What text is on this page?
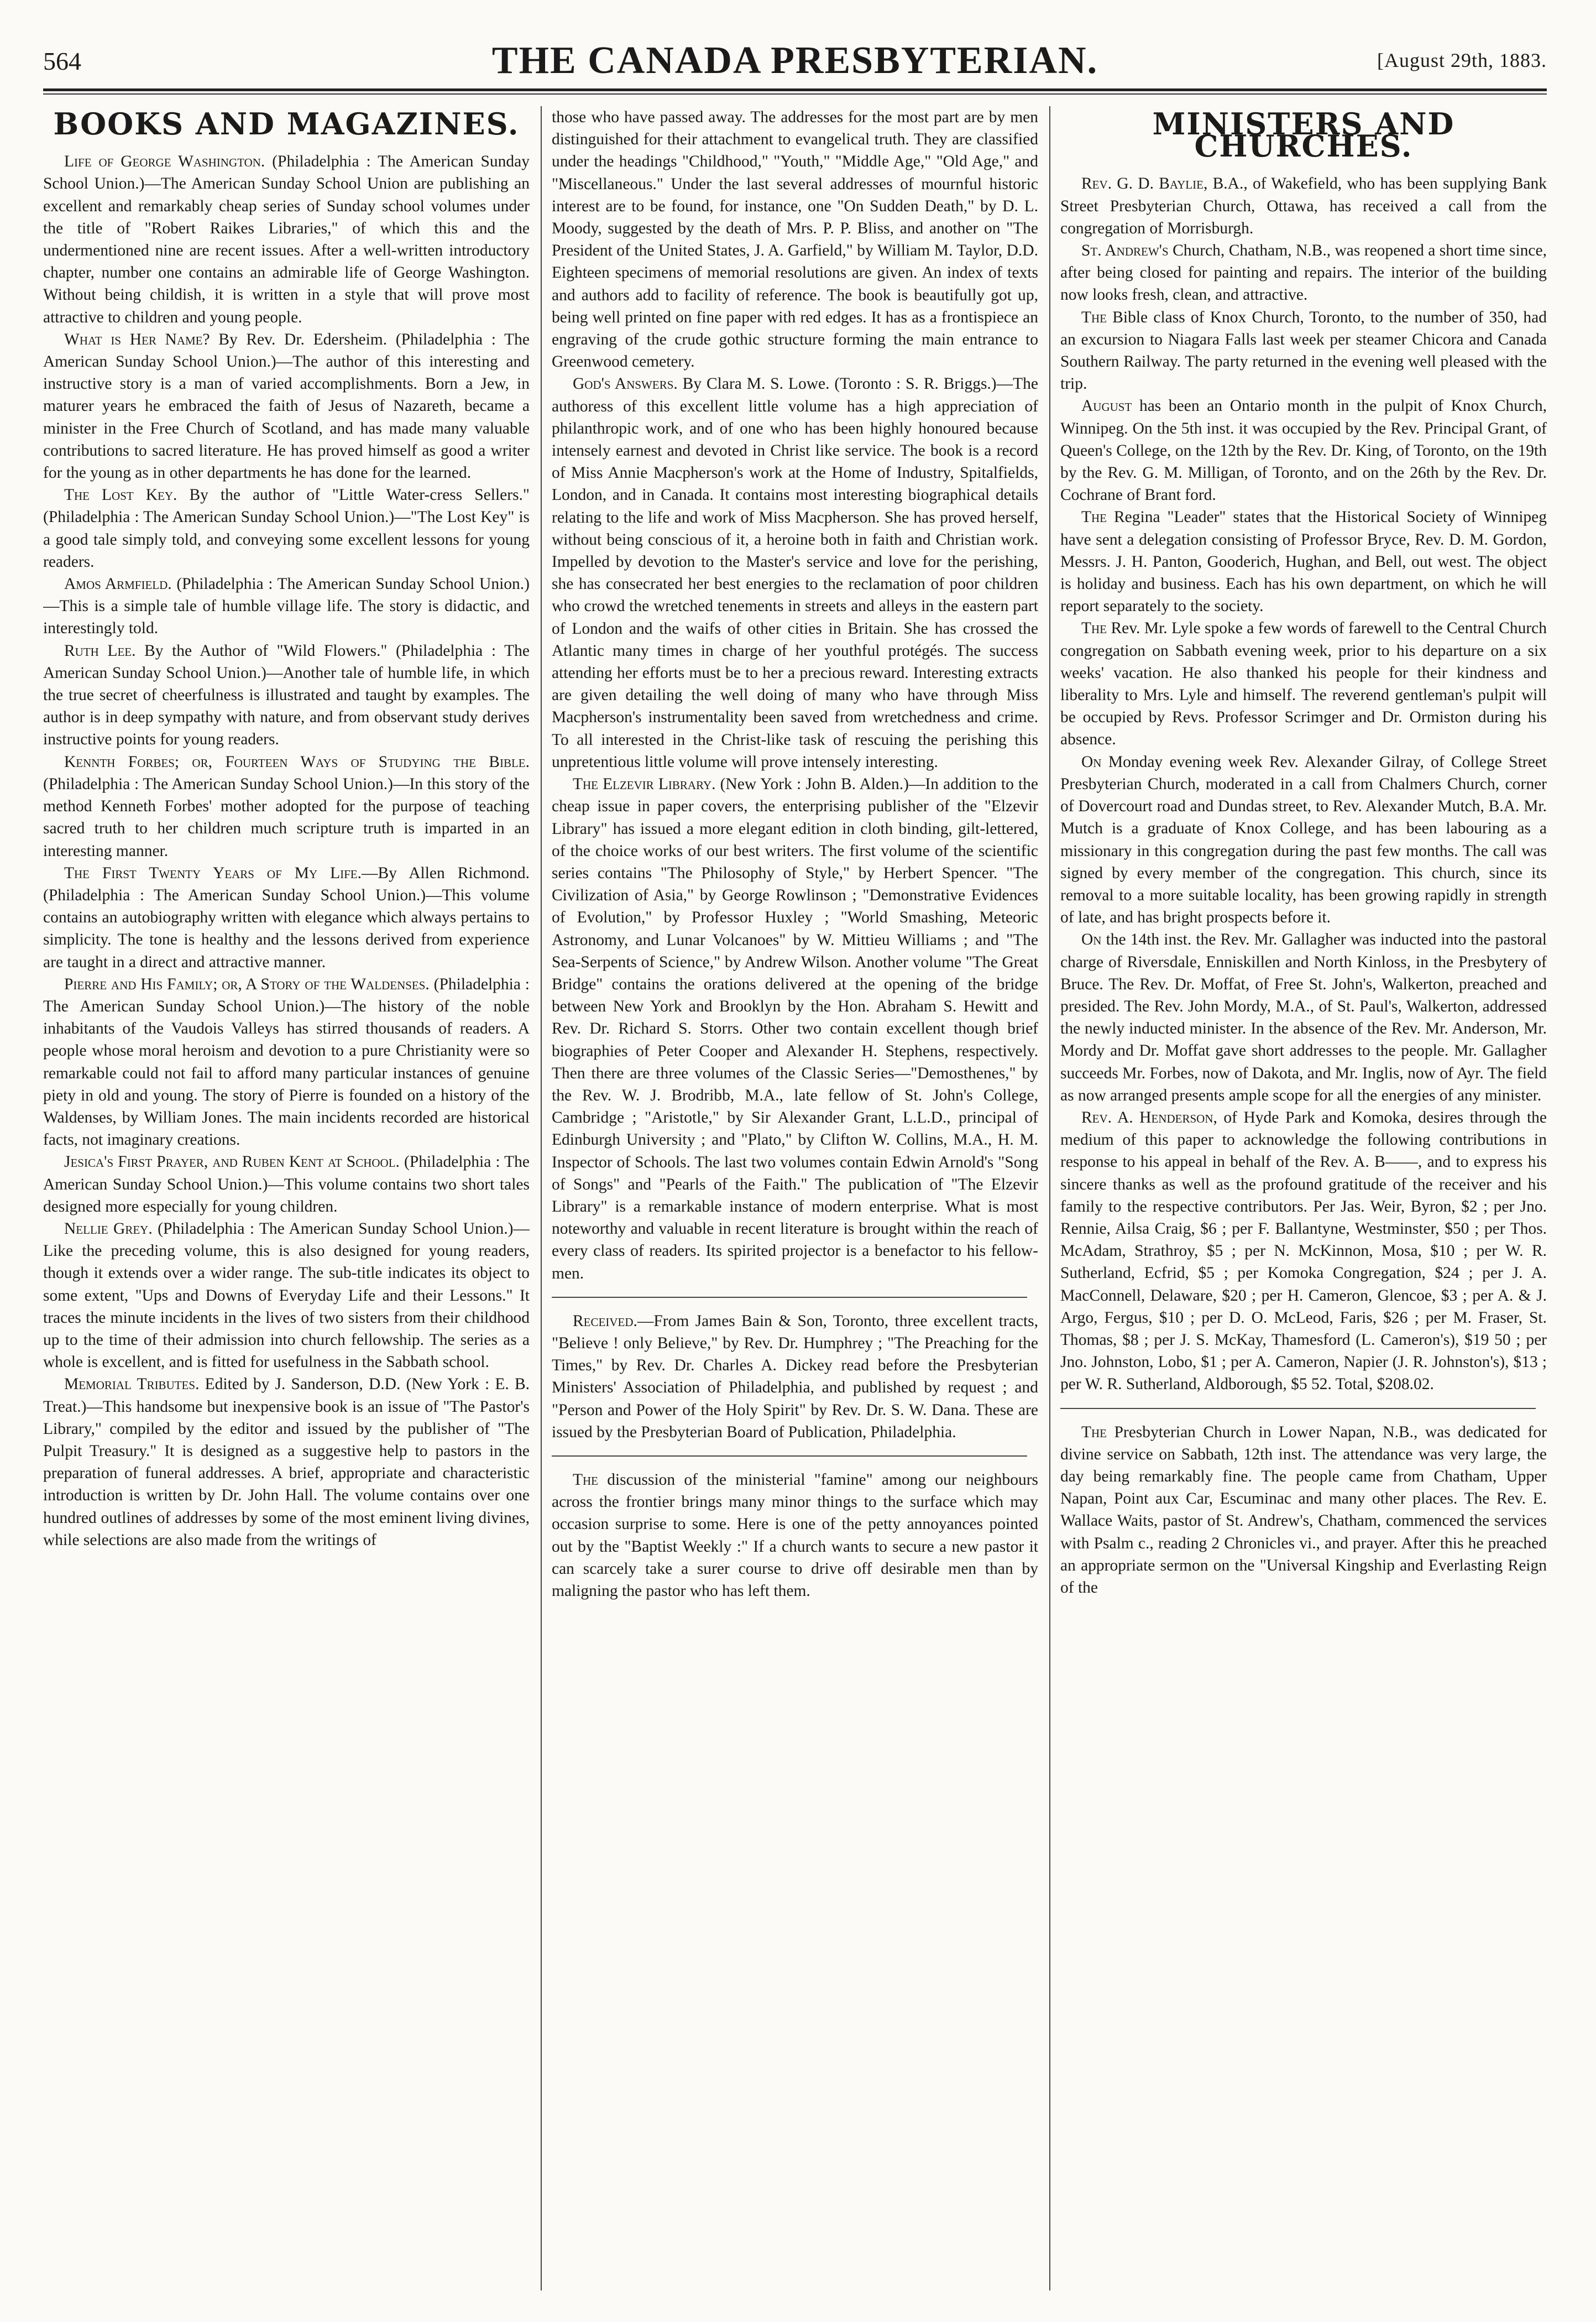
564	THE CANADA PRESBYTERIAN.	[August 29th, 1883.
BOOKS AND MAGAZINES.

Life of George Washington. (Philadelphia : The American Sunday School Union.)—The American Sunday School Union are publishing an excellent and remarkably cheap series of Sunday school volumes under the title of "Robert Raikes Libraries," of which this and the undermentioned nine are recent issues. After a well-written introductory chapter, number one contains an admirable life of George Washington. Without being childish, it is written in a style that will prove most attractive to children and young people.

What is Her Name? By Rev. Dr. Edersheim. (Philadelphia : The American Sunday School Union.)—The author of this interesting and instructive story is a man of varied accomplishments. Born a Jew, in maturer years he embraced the faith of Jesus of Nazareth, became a minister in the Free Church of Scotland, and has made many valuable contributions to sacred literature. He has proved himself as good a writer for the young as in other departments he has done for the learned.

The Lost Key. By the author of "Little Water-cress Sellers." (Philadelphia : The American Sunday School Union.)—"The Lost Key" is a good tale simply told, and conveying some excellent lessons for young readers.

Amos Armfield. (Philadelphia : The American Sunday School Union.)—This is a simple tale of humble village life. The story is didactic, and interestingly told.

Ruth Lee. By the Author of "Wild Flowers." (Philadelphia : The American Sunday School Union.)—Another tale of humble life, in which the true secret of cheerfulness is illustrated and taught by examples. The author is in deep sympathy with nature, and from observant study derives instructive points for young readers.

Kennth Forbes; or, Fourteen Ways of Studying the Bible. (Philadelphia : The American Sunday School Union.)—In this story of the method Kenneth Forbes' mother adopted for the purpose of teaching sacred truth to her children much scripture truth is imparted in an interesting manner.

The First Twenty Years of My Life.—By Allen Richmond. (Philadelphia : The American Sunday School Union.)—This volume contains an autobiography written with elegance which always pertains to simplicity. The tone is healthy and the lessons derived from experience are taught in a direct and attractive manner.

Pierre and His Family; or, A Story of the Waldenses. (Philadelphia : The American Sunday School Union.)—The history of the noble inhabitants of the Vaudois Valleys has stirred thousands of readers. A people whose moral heroism and devotion to a pure Christianity were so remarkable could not fail to afford many particular instances of genuine piety in old and young. The story of Pierre is founded on a history of the Waldenses, by William Jones. The main incidents recorded are historical facts, not imaginary creations.

Jesica's First Prayer, and Ruben Kent at School. (Philadelphia : The American Sunday School Union.)—This volume contains two short tales designed more especially for young children.

Nellie Grey. (Philadelphia : The American Sunday School Union.)—Like the preceding volume, this is also designed for young readers, though it extends over a wider range. The sub-title indicates its object to some extent, "Ups and Downs of Everyday Life and their Lessons." It traces the minute incidents in the lives of two sisters from their childhood up to the time of their admission into church fellowship. The series as a whole is excellent, and is fitted for usefulness in the Sabbath school.

Memorial Tributes. Edited by J. Sanderson, D.D. (New York : E. B. Treat.)—This handsome but inexpensive book is an issue of "The Pastor's Library," compiled by the editor and issued by the publisher of "The Pulpit Treasury." It is designed as a suggestive help to pastors in the preparation of funeral addresses. A brief, appropriate and characteristic introduction is written by Dr. John Hall. The volume contains over one hundred outlines of addresses by some of the most eminent living divines, while selections are also made from the writings of

those who have passed away. The addresses for the most part are by men distinguished for their attachment to evangelical truth. They are classified under the headings "Childhood," "Youth," "Middle Age," "Old Age," and "Miscellaneous." Under the last several addresses of mournful historic interest are to be found, for instance, one "On Sudden Death," by D. L. Moody, suggested by the death of Mrs. P. P. Bliss, and another on "The President of the United States, J. A. Garfield," by William M. Taylor, D.D. Eighteen specimens of memorial resolutions are given. An index of texts and authors add to facility of reference. The book is beautifully got up, being well printed on fine paper with red edges. It has as a frontispiece an engraving of the crude gothic structure forming the main entrance to Greenwood cemetery.

God's Answers. By Clara M. S. Lowe. (Toronto : S. R. Briggs.)—The authoress of this excellent little volume has a high appreciation of philanthropic work, and of one who has been highly honoured because intensely earnest and devoted in Christ like service. The book is a record of Miss Annie Macpherson's work at the Home of Industry, Spitalfields, London, and in Canada. It contains most interesting biographical details relating to the life and work of Miss Macpherson. She has proved herself, without being conscious of it, a heroine both in faith and Christian work. Impelled by devotion to the Master's service and love for the perishing, she has consecrated her best energies to the reclamation of poor children who crowd the wretched tenements in streets and alleys in the eastern part of London and the waifs of other cities in Britain. She has crossed the Atlantic many times in charge of her youthful protégés. The success attending her efforts must be to her a precious reward. Interesting extracts are given detailing the well doing of many who have through Miss Macpherson's instrumentality been saved from wretchedness and crime. To all interested in the Christ-like task of rescuing the perishing this unpretentious little volume will prove intensely interesting.

The Elzevir Library. (New York : John B. Alden.)—In addition to the cheap issue in paper covers, the enterprising publisher of the "Elzevir Library" has issued a more elegant edition in cloth binding, gilt-lettered, of the choice works of our best writers. The first volume of the scientific series contains "The Philosophy of Style," by Herbert Spencer. "The Civilization of Asia," by George Rowlinson ; "Demonstrative Evidences of Evolution," by Professor Huxley ; "World Smashing, Meteoric Astronomy, and Lunar Volcanoes" by W. Mittieu Williams ; and "The Sea-Serpents of Science," by Andrew Wilson. Another volume "The Great Bridge" contains the orations delivered at the opening of the bridge between New York and Brooklyn by the Hon. Abraham S. Hewitt and Rev. Dr. Richard S. Storrs. Other two contain excellent though brief biographies of Peter Cooper and Alexander H. Stephens, respectively. Then there are three volumes of the Classic Series—"Demosthenes," by the Rev. W. J. Brodribb, M.A., late fellow of St. John's College, Cambridge ; "Aristotle," by Sir Alexander Grant, L.L.D., principal of Edinburgh University ; and "Plato," by Clifton W. Collins, M.A., H. M. Inspector of Schools. The last two volumes contain Edwin Arnold's "Song of Songs" and "Pearls of the Faith." The publication of "The Elzevir Library" is a remarkable instance of modern enterprise. What is most noteworthy and valuable in recent literature is brought within the reach of every class of readers. Its spirited projector is a benefactor to his fellow-men.

Received.—From James Bain & Son, Toronto, three excellent tracts, "Believe ! only Believe," by Rev. Dr. Humphrey ; "The Preaching for the Times," by Rev. Dr. Charles A. Dickey read before the Presbyterian Ministers' Association of Philadelphia, and published by request ; and "Person and Power of the Holy Spirit" by Rev. Dr. S. W. Dana. These are issued by the Presbyterian Board of Publication, Philadelphia.

The discussion of the ministerial "famine" among our neighbours across the frontier brings many minor things to the surface which may occasion surprise to some. Here is one of the petty annoyances pointed out by the "Baptist Weekly :" If a church wants to secure a new pastor it can scarcely take a surer course to drive off desirable men than by maligning the pastor who has left them.

MINISTERS AND CHURCHES.

Rev. G. D. Baylie, B.A., of Wakefield, who has been supplying Bank Street Presbyterian Church, Ottawa, has received a call from the congregation of Morrisburgh.

St. Andrew's Church, Chatham, N.B., was reopened a short time since, after being closed for painting and repairs. The interior of the building now looks fresh, clean, and attractive.

The Bible class of Knox Church, Toronto, to the number of 350, had an excursion to Niagara Falls last week per steamer Chicora and Canada Southern Railway. The party returned in the evening well pleased with the trip.

August has been an Ontario month in the pulpit of Knox Church, Winnipeg. On the 5th inst. it was occupied by the Rev. Principal Grant, of Queen's College, on the 12th by the Rev. Dr. King, of Toronto, on the 19th by the Rev. G. M. Milligan, of Toronto, and on the 26th by the Rev. Dr. Cochrane of Brant ford.

The Regina "Leader" states that the Historical Society of Winnipeg have sent a delegation consisting of Professor Bryce, Rev. D. M. Gordon, Messrs. J. H. Panton, Gooderich, Hughan, and Bell, out west. The object is holiday and business. Each has his own department, on which he will report separately to the society.

The Rev. Mr. Lyle spoke a few words of farewell to the Central Church congregation on Sabbath evening week, prior to his departure on a six weeks' vacation. He also thanked his people for their kindness and liberality to Mrs. Lyle and himself. The reverend gentleman's pulpit will be occupied by Revs. Professor Scrimger and Dr. Ormiston during his absence.

On Monday evening week Rev. Alexander Gilray, of College Street Presbyterian Church, moderated in a call from Chalmers Church, corner of Dovercourt road and Dundas street, to Rev. Alexander Mutch, B.A. Mr. Mutch is a graduate of Knox College, and has been labouring as a missionary in this congregation during the past few months. The call was signed by every member of the congregation. This church, since its removal to a more suitable locality, has been growing rapidly in strength of late, and has bright prospects before it.

On the 14th inst. the Rev. Mr. Gallagher was inducted into the pastoral charge of Riversdale, Enniskillen and North Kinloss, in the Presbytery of Bruce. The Rev. Dr. Moffat, of Free St. John's, Walkerton, preached and presided. The Rev. John Mordy, M.A., of St. Paul's, Walkerton, addressed the newly inducted minister. In the absence of the Rev. Mr. Anderson, Mr. Mordy and Dr. Moffat gave short addresses to the people. Mr. Gallagher succeeds Mr. Forbes, now of Dakota, and Mr. Inglis, now of Ayr. The field as now arranged presents ample scope for all the energies of any minister.

Rev. A. Henderson, of Hyde Park and Komoka, desires through the medium of this paper to acknowledge the following contributions in response to his appeal in behalf of the Rev. A. B——, and to express his sincere thanks as well as the profound gratitude of the receiver and his family to the respective contributors. Per Jas. Weir, Byron, $2 ; per Jno. Rennie, Ailsa Craig, $6 ; per F. Ballantyne, Westminster, $50 ; per Thos. McAdam, Strathroy, $5 ; per N. McKinnon, Mosa, $10 ; per W. R. Sutherland, Ecfrid, $5 ; per Komoka Congregation, $24 ; per J. A. MacConnell, Delaware, $20 ; per H. Cameron, Glencoe, $3 ; per A. & J. Argo, Fergus, $10 ; per D. O. McLeod, Faris, $26 ; per M. Fraser, St. Thomas, $8 ; per J. S. McKay, Thamesford (L. Cameron's), $19 50 ; per Jno. Johnston, Lobo, $1 ; per A. Cameron, Napier (J. R. Johnston's), $13 ; per W. R. Sutherland, Aldborough, $5 52. Total, $208.02.

The Presbyterian Church in Lower Napan, N.B., was dedicated for divine service on Sabbath, 12th inst. The attendance was very large, the day being remarkably fine. The people came from Chatham, Upper Napan, Point aux Car, Escuminac and many other places. The Rev. E. Wallace Waits, pastor of St. Andrew's, Chatham, commenced the services with Psalm c., reading 2 Chronicles vi., and prayer. After this he preached an appropriate sermon on the "Universal Kingship and Everlasting Reign of the
